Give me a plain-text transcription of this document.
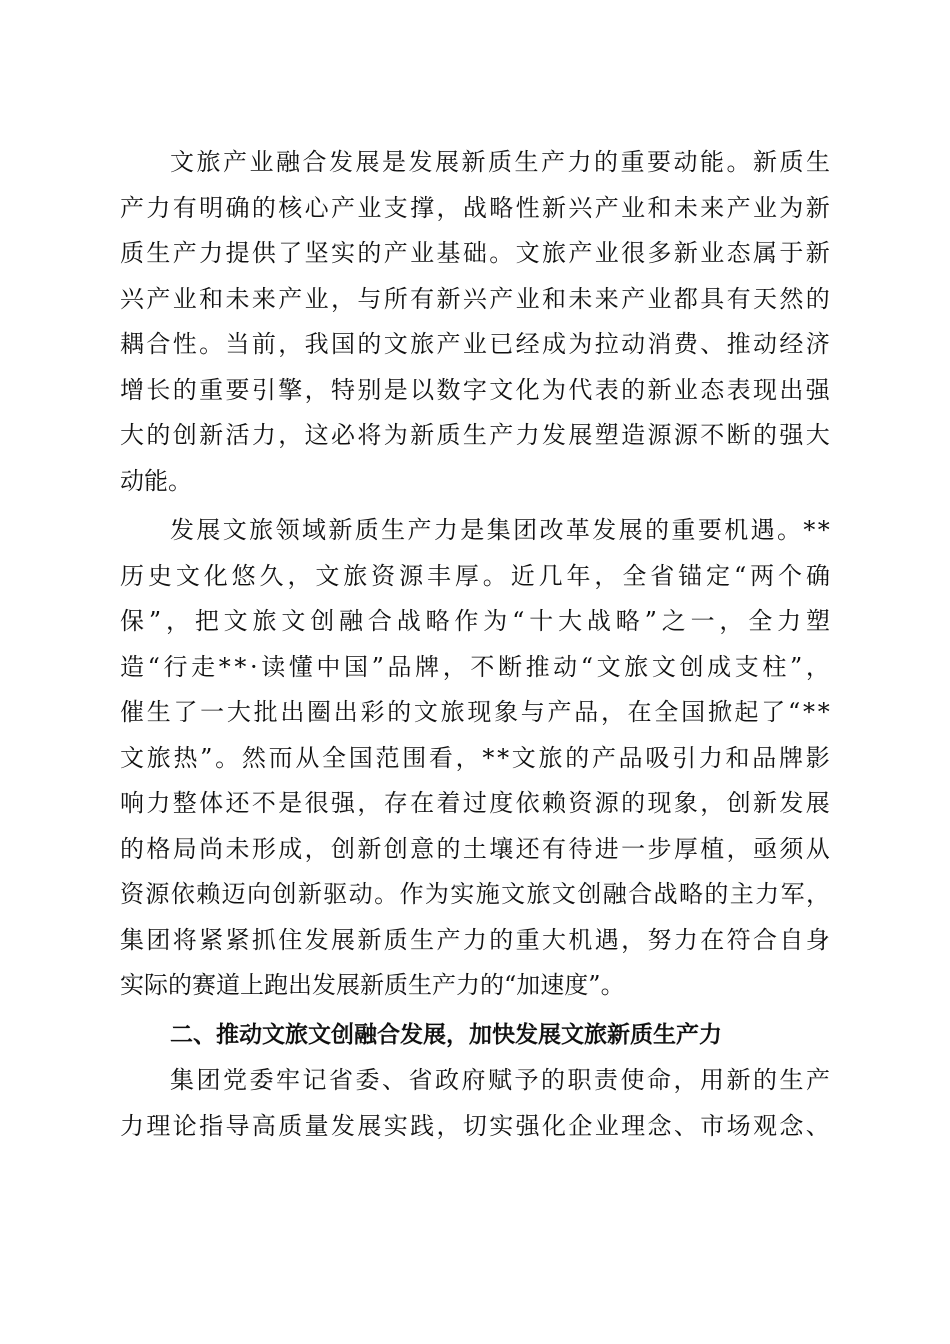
文 旅 产 业 融 合 发 展 是 发 展 新 质 生 产 力 的 重 要 动 能 。 新 质 生
产 力 有 明 确 的 核 心 产 业 支 撑 ， 战 略 性 新 兴 产 业 和 未 来 产 业 为 新
质 生 产 力 提 供 了 坚 实 的 产 业 基 础 。 文 旅 产 业 很 多 新 业 态 属 于 新
兴 产 业 和 未 来 产 业 ， 与 所 有 新 兴 产 业 和 未 来 产 业 都 具 有 天 然 的
耦 合 性 。 当 前 ， 我 国 的 文 旅 产 业 已 经 成 为 拉 动 消 费 、 推 动 经 济
增 长 的 重 要 引 擎 ， 特 别 是 以 数 字 文 化 为 代 表 的 新 业 态 表 现 出 强
大 的 创 新 活 力 ， 这 必 将 为 新 质 生 产 力 发 展 塑 造 源 源 不 断 的 强 大
动 能 。
发 展 文 旅 领 域 新 质 生 产 力 是 集 团 改 革 发 展 的 重 要 机 遇 。 * *
历 史 文 化 悠 久 ， 文 旅 资 源 丰 厚 。 近 几 年 ， 全 省 锚 定 “ 两 个 确
保 ” ， 把 文 旅 文 创 融 合 战 略 作 为 “ 十 大 战 略 ” 之 一 ， 全 力 塑
造 “ 行 走 * * · 读 懂 中 国 ” 品 牌 ， 不 断 推 动 “ 文 旅 文 创 成 支 柱 ” ，
催 生 了 一 大 批 出 圈 出 彩 的 文 旅 现 象 与 产 品 ， 在 全 国 掀 起 了 “ * *
文 旅 热 ” 。 然 而 从 全 国 范 围 看 ， * * 文 旅 的 产 品 吸 引 力 和 品 牌 影
响 力 整 体 还 不 是 很 强 ， 存 在 着 过 度 依 赖 资 源 的 现 象 ， 创 新 发 展
的 格 局 尚 未 形 成 ， 创 新 创 意 的 土 壤 还 有 待 进 一 步 厚 植 ， 亟 须 从
资 源 依 赖 迈 向 创 新 驱 动 。 作 为 实 施 文 旅 文 创 融 合 战 略 的 主 力 军 ，
集 团 将 紧 紧 抓 住 发 展 新 质 生 产 力 的 重 大 机 遇 ， 努 力 在 符 合 自 身
实 际 的 赛 道 上 跑 出 发 展 新 质 生 产 力 的 “ 加 速 度 ” 。
二、推动文旅文创融合发展，加快发展文旅新质生产力
集 团 党 委 牢 记 省 委 、 省 政 府 赋 予 的 职 责 使 命 ， 用 新 的 生 产
力 理 论 指 导 高 质 量 发 展 实 践 ， 切 实 强 化 企 业 理 念 、 市 场 观 念 、
